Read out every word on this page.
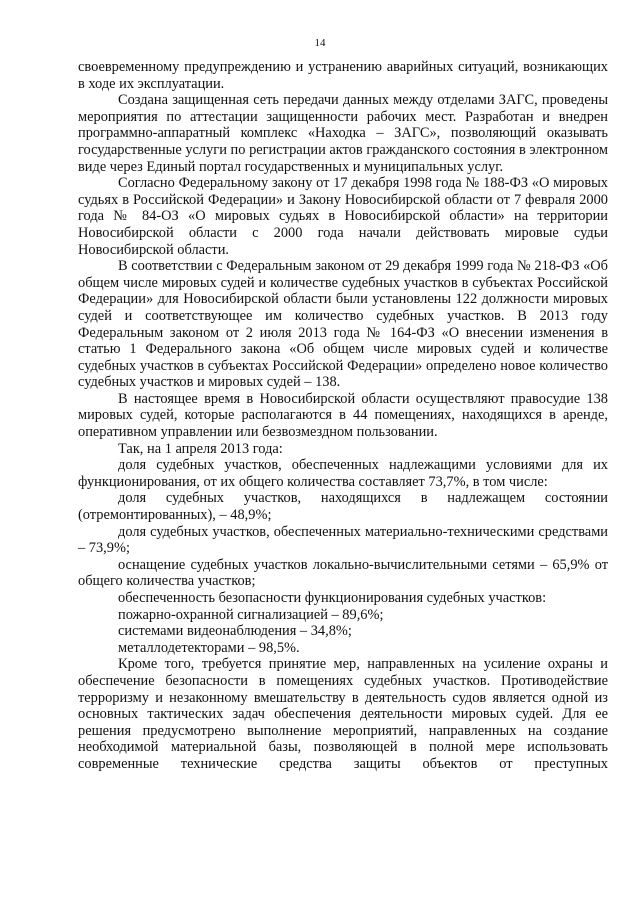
14

своевременному предупреждению и устранению аварийных ситуаций, возникающих в ходе их эксплуатации.

Создана защищенная сеть передачи данных между отделами ЗАГС, проведены мероприятия по аттестации защищенности рабочих мест. Разработан и внедрен программно-аппаратный комплекс «Находка – ЗАГС», позволяющий оказывать государственные услуги по регистрации актов гражданского состояния в электронном виде через Единый портал государственных и муниципальных услуг.

Согласно Федеральному закону от 17 декабря 1998 года № 188-ФЗ «О мировых судьях в Российской Федерации» и Закону Новосибирской области от 7 февраля 2000 года № 84-ОЗ «О мировых судьях в Новосибирской области» на территории Новосибирской области с 2000 года начали действовать мировые судьи Новосибирской области.

В соответствии с Федеральным законом от 29 декабря 1999 года № 218-ФЗ «Об общем числе мировых судей и количестве судебных участков в субъектах Российской Федерации» для Новосибирской области были установлены 122 должности мировых судей и соответствующее им количество судебных участков. В 2013 году Федеральным законом от 2 июля 2013 года № 164-ФЗ «О внесении изменения в статью 1 Федерального закона «Об общем числе мировых судей и количестве судебных участков в субъектах Российской Федерации» определено новое количество судебных участков и мировых судей – 138.

В настоящее время в Новосибирской области осуществляют правосудие 138 мировых судей, которые располагаются в 44 помещениях, находящихся в аренде, оперативном управлении или безвозмездном пользовании.

Так, на 1 апреля 2013 года:

доля судебных участков, обеспеченных надлежащими условиями для их функционирования, от их общего количества составляет 73,7%, в том числе:

доля судебных участков, находящихся в надлежащем состоянии (отремонтированных), – 48,9%;

доля судебных участков, обеспеченных материально-техническими средствами – 73,9%;

оснащение судебных участков локально-вычислительными сетями – 65,9% от общего количества участков;

обеспеченность безопасности функционирования судебных участков:

пожарно-охранной сигнализацией – 89,6%;

системами видеонаблюдения – 34,8%;

металлодетекторами – 98,5%.

Кроме того, требуется принятие мер, направленных на усиление охраны и обеспечение безопасности в помещениях судебных участков. Противодействие терроризму и незаконному вмешательству в деятельность судов является одной из основных тактических задач обеспечения деятельности мировых судей. Для ее решения предусмотрено выполнение мероприятий, направленных на создание необходимой материальной базы, позволяющей в полной мере использовать современные технические средства защиты объектов от преступных
